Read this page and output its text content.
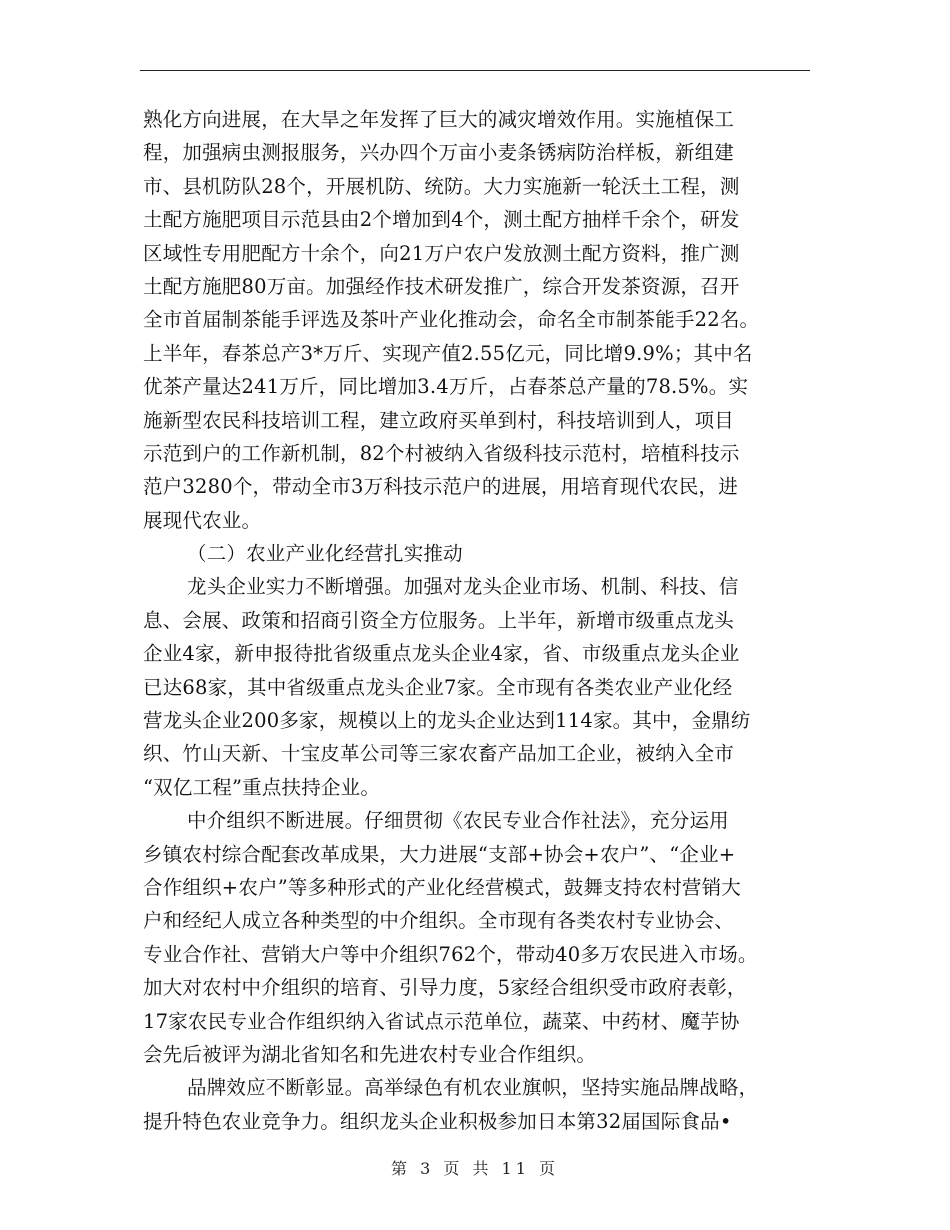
熟化方向进展，在大旱之年发挥了巨大的减灾增效作用。实施植保工
程，加强病虫测报服务，兴办四个万亩小麦条锈病防治样板，新组建
市、县机防队28个，开展机防、统防。大力实施新一轮沃土工程，测
土配方施肥项目示范县由2个增加到4个，测土配方抽样千余个，研发
区域性专用肥配方十余个，向21万户农户发放测土配方资料，推广测
土配方施肥80万亩。加强经作技术研发推广，综合开发茶资源，召开
全市首届制茶能手评选及茶叶产业化推动会，命名全市制茶能手22名。
上半年，春茶总产3*万斤、实现产值2.55亿元，同比增9.9%；其中名
优茶产量达241万斤，同比增加3.4万斤，占春茶总产量的78.5%。实
施新型农民科技培训工程，建立政府买单到村，科技培训到人，项目
示范到户的工作新机制，82个村被纳入省级科技示范村，培植科技示
范户3280个，带动全市3万科技示范户的进展，用培育现代农民，进
展现代农业。
（二）农业产业化经营扎实推动
龙头企业实力不断增强。加强对龙头企业市场、机制、科技、信
息、会展、政策和招商引资全方位服务。上半年，新增市级重点龙头
企业4家，新申报待批省级重点龙头企业4家，省、市级重点龙头企业
已达68家，其中省级重点龙头企业7家。全市现有各类农业产业化经
营龙头企业200多家，规模以上的龙头企业达到114家。其中，金鼎纺
织、竹山天新、十宝皮革公司等三家农畜产品加工企业，被纳入全市
“双亿工程”重点扶持企业。
中介组织不断进展。仔细贯彻《农民专业合作社法》，充分运用
乡镇农村综合配套改革成果，大力进展“支部+协会+农户”、“企业+
合作组织+农户”等多种形式的产业化经营模式，鼓舞支持农村营销大
户和经纪人成立各种类型的中介组织。全市现有各类农村专业协会、
专业合作社、营销大户等中介组织762个，带动40多万农民进入市场。
加大对农村中介组织的培育、引导力度，5家经合组织受市政府表彰，
17家农民专业合作组织纳入省试点示范单位，蔬菜、中药材、魔芋协
会先后被评为湖北省知名和先进农村专业合作组织。
品牌效应不断彰显。高举绿色有机农业旗帜，坚持实施品牌战略，
提升特色农业竞争力。组织龙头企业积极参加日本第32届国际食品•
第 3 页 共 11 页
